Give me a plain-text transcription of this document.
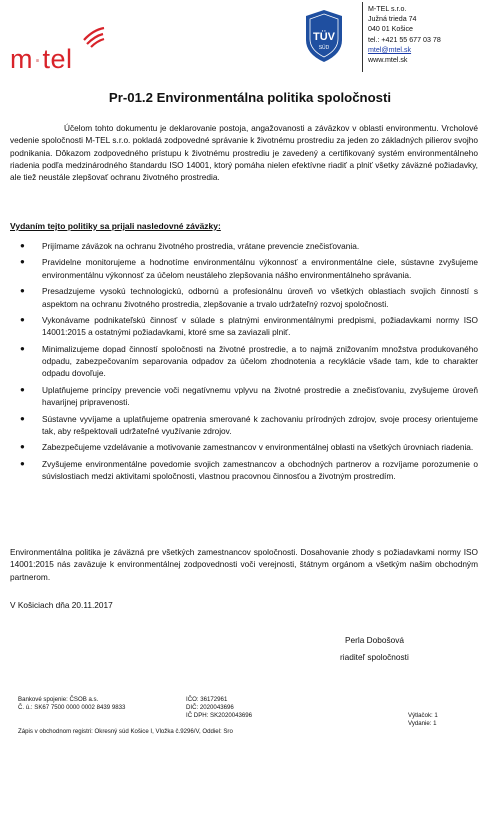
m·tel
TÜV
SÜD
M-TEL s.r.o.
Južná trieda 74
040 01 Košice
tel.: +421 55 677 03 78
mtel@mtel.sk
www.mtel.sk
Pr-01.2 Environmentálna politika spoločnosti
Účelom tohto dokumentu je deklarovanie postoja, angažovanosti a záväzkov v oblasti environmentu. Vrcholové vedenie spoločnosti M-TEL s.r.o. pokladá zodpovedné správanie k životnému prostrediu za jeden zo základných pilierov svojho podnikania. Dôkazom zodpovedného prístupu k životnému prostrediu je zavedený a certifikovaný systém environmentálneho riadenia podľa medzinárodného štandardu ISO 14001, ktorý pomáha nielen efektívne riadiť a plniť všetky záväzné požiadavky, ale tiež neustále zlepšovať ochranu životného prostredia.
Vydaním tejto politiky sa prijali nasledovné záväzky:
● Prijímame záväzok na ochranu životného prostredia, vrátane prevencie znečisťovania.
● Pravidelne monitorujeme a hodnotíme environmentálnu výkonnosť a environmentálne ciele, sústavne zvyšujeme environmentálnu výkonnosť za účelom neustáleho zlepšovania nášho environmentálneho správania.
● Presadzujeme vysokú technologickú, odbornú a profesionálnu úroveň vo všetkých oblastiach svojich činností s aspektom na ochranu životného prostredia, zlepšovanie a trvalo udržateľný rozvoj spoločnosti.
● Vykonávame podnikateľskú činnosť v súlade s platnými environmentálnymi predpismi, požiadavkami normy ISO 14001:2015 a ostatnými požiadavkami, ktoré sme sa zaviazali plniť.
● Minimalizujeme dopad činností spoločnosti na životné prostredie, a to najmä znižovaním množstva produkovaného odpadu, zabezpečovaním separovania odpadov za účelom zhodnotenia a recyklácie všade tam, kde to charakter odpadu dovoľuje.
● Uplatňujeme princípy prevencie voči negatívnemu vplyvu na životné prostredie a znečisťovaniu, zvyšujeme úroveň havarijnej pripravenosti.
● Sústavne vyvíjame a uplatňujeme opatrenia smerované k zachovaniu prírodných zdrojov, svoje procesy orientujeme tak, aby rešpektovali udržateľné využívanie zdrojov.
● Zabezpečujeme vzdelávanie a motivovanie zamestnancov v environmentálnej oblasti na všetkých úrovniach riadenia.
● Zvyšujeme environmentálne povedomie svojich zamestnancov a obchodných partnerov a rozvíjame porozumenie o súvislostiach medzi aktivitami spoločnosti, vlastnou pracovnou činnosťou a životným prostredím.
Environmentálna politika je záväzná pre všetkých zamestnancov spoločnosti. Dosahovanie zhody s požiadavkami normy ISO 14001:2015 nás zaväzuje k environmentálnej zodpovednosti voči verejnosti, štátnym orgánom a všetkým našim obchodným partnerom.
V Košiciach dňa 20.11.2017
Perla Dobošová
riaditeľ spoločnosti
Bankové spojenie: ČSOB a.s.
Č. ú.: SK67 7500 0000 0002 8439 9833
IČO: 36172961
DIČ: 2020043696
IČ DPH: SK2020043696	Výtlačok: 1
Vydanie: 1
Zápis v obchodnom registri: Okresný súd Košice I, Vložka č.9296/V, Oddiel: Sro
